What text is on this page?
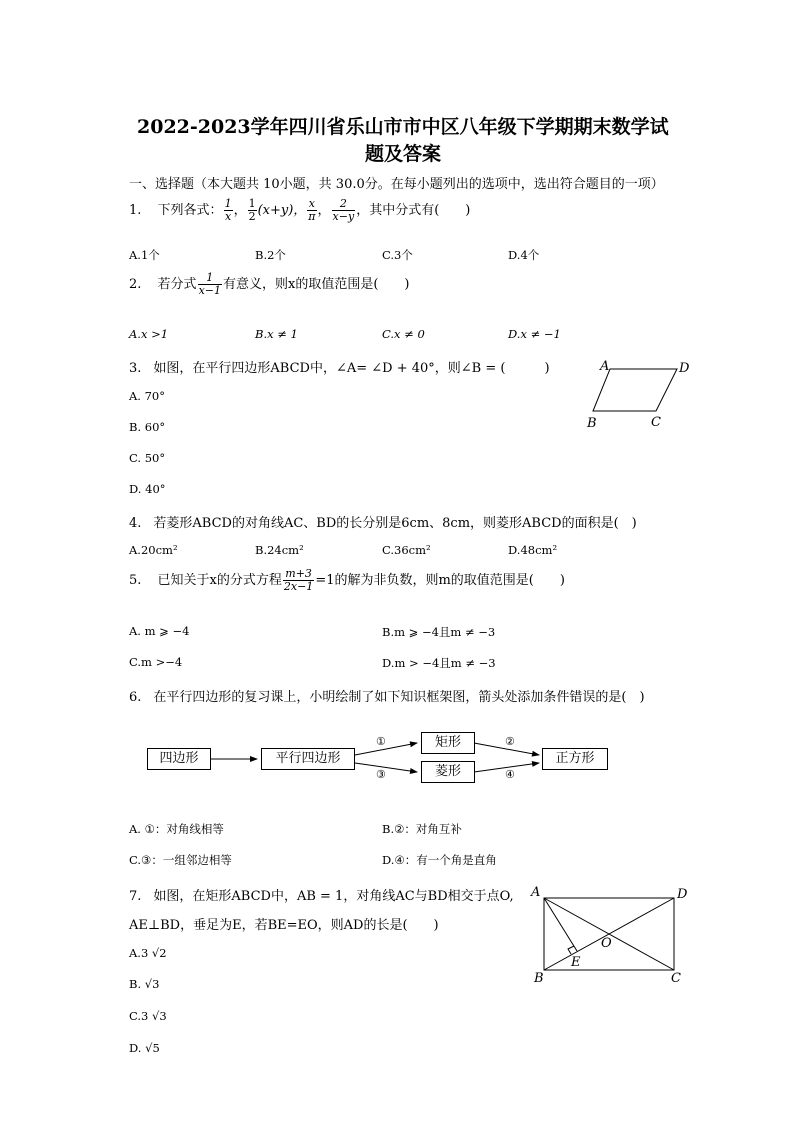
2022-2023学年四川省乐山市市中区八年级下学期期末数学试
题及答案
一、选择题（本大题共 10小题，共 30.0分。在每小题列出的选项中，选出符合题目的一项）
1. 下列各式： $\frac{1}{x}$ ， $\frac{1}{2} (x+y)$， $\frac{x}{\pi}$ ， $\frac{2}{x-y}$ ，其中分式有(　　)
A.1个	B.2个	C.3个	D.4个
2. 若分式 $\frac{1}{x-1}$ 有意义，则x的取值范围是(　　)
A.x >1	B.x ≠ 1	C.x ≠ 0	D.x ≠ −1
3. 如图，在平行四边形ABCD中，∠A= ∠D + 40°，则∠B = (　　　)
A. 70°
B. 60°
C. 50°
D. 40°
A	D
B	C
4. 若菱形ABCD的对角线AC、BD的长分别是6cm、8cm，则菱形ABCD的面积是(　)
A.20cm²	B.24cm²	C.36cm²	D.48cm²
5. 已知关于x的分式方程 $\frac{m+3}{2x-1} =1$的解为非负数，则m的取值范围是(　　)
A. m ⩾ −4	B.m ⩾ −4且m ≠ −3
C.m >−4	D.m > −4且m ≠ −3
6. 在平行四边形的复习课上，小明绘制了如下知识框架图，箭头处添加条件错误的是(　)
①
③
②
④
四边形	平行四边形
矩形
菱形
正方形
A. ①：对角线相等	B.②：对角互补
C.③：一组邻边相等	D.④：有一个角是直角
7. 如图，在矩形ABCD中，AB = 1，对角线AC与BD相交于点O,
AE⊥BD，垂足为E，若BE=EO，则AD的长是(　　)
A.3 √2
B. √3
C.3 √3
D. √5
A	D
O
E
B	C
